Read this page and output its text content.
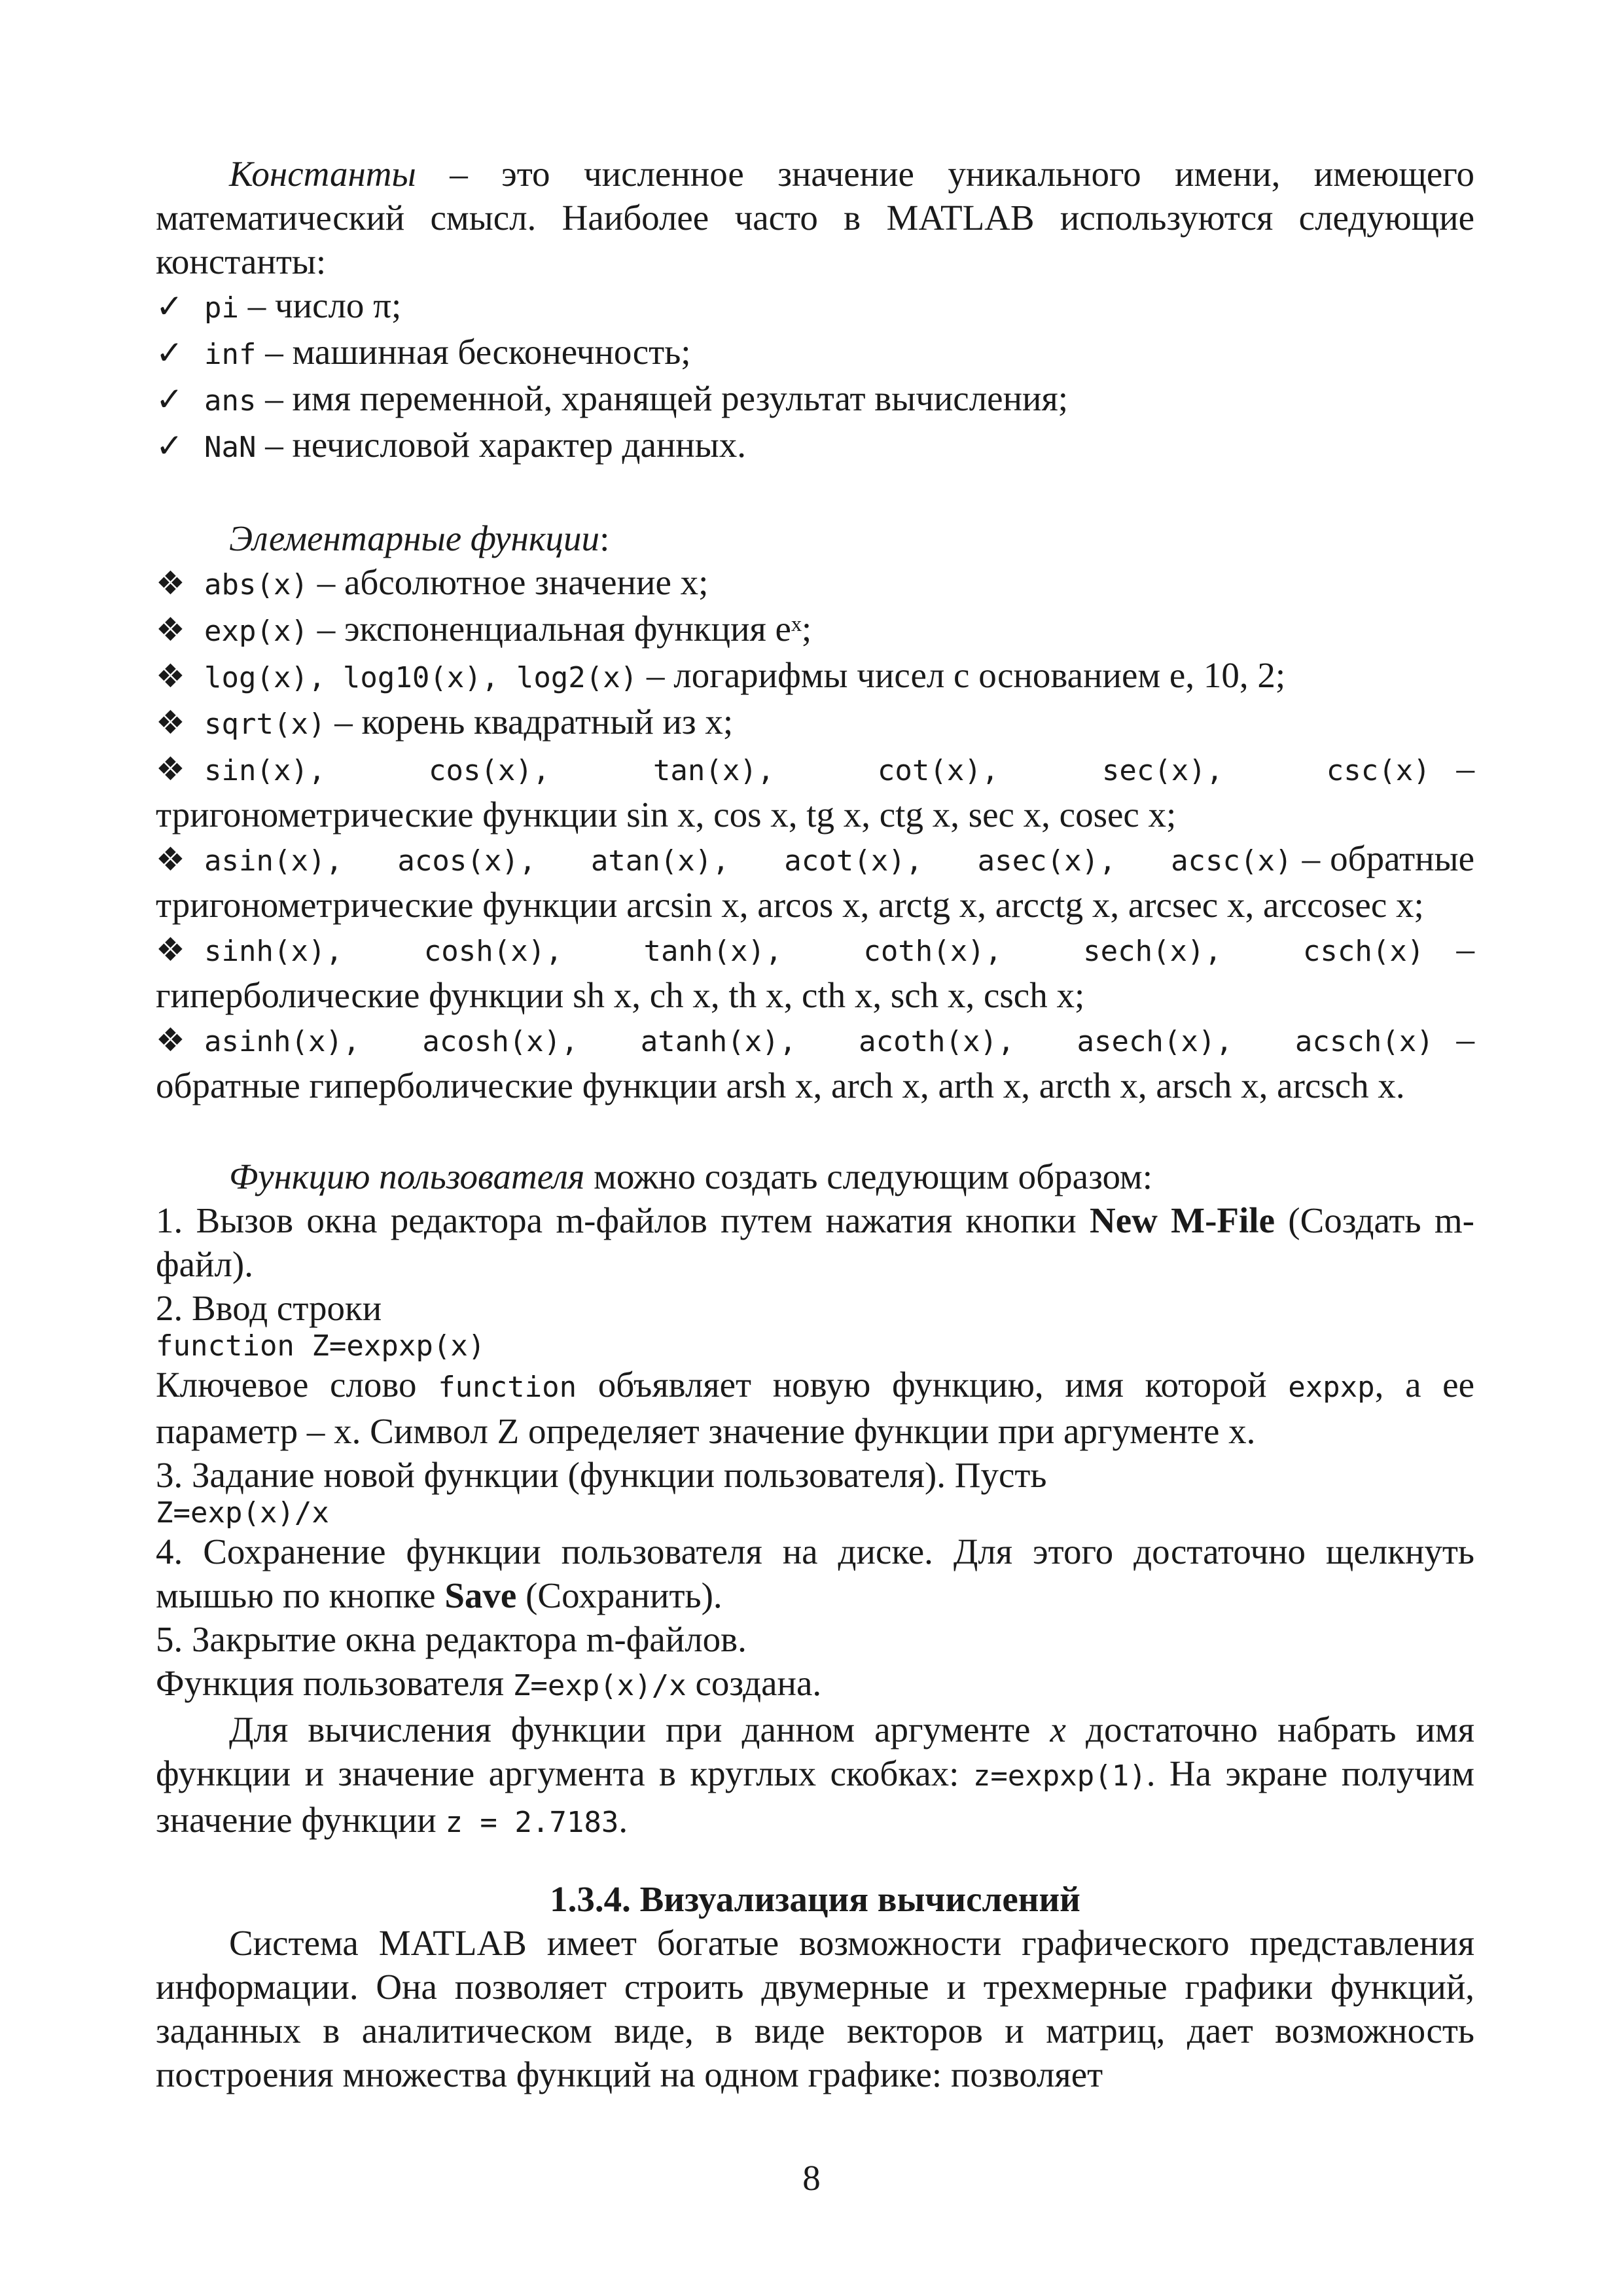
Константы – это численное значение уникального имени, имеющего математический смысл. Наиболее часто в MATLAB используются следующие константы:

✓ pi – число π;
✓ inf – машинная бесконечность;
✓ ans – имя переменной, хранящей результат вычисления;
✓ NaN – нечисловой характер данных.

Элементарные функции:

❖ abs(x) – абсолютное значение x;
❖ exp(x) – экспоненциальная функция eˣ;
❖ log(x), log10(x), log2(x) – логарифмы чисел с основанием e, 10, 2;
❖ sqrt(x) – корень квадратный из x;
❖ sin(x),   cos(x),   tan(x),   cot(x),   sec(x),   csc(x) – тригонометрические функции sin x, cos x, tg x, ctg x, sec x, cosec x;
❖ asin(x),   acos(x),   atan(x),   acot(x),   asec(x),   acsc(x) – обратные тригонометрические функции arcsin x, arcos x, arctg x, arcctg x, arcsec x, arccosec x;
❖ sinh(x),  cosh(x),  tanh(x),  coth(x),  sech(x),  csch(x) – гиперболические функции sh x, ch x, th x, cth x, sch x, csch x;
❖ asinh(x),  acosh(x),  atanh(x),  acoth(x),  asech(x),  acsch(x) – обратные гиперболические функции arsh x, arch x, arth x, arcth x, arsch x, arcsch x.

Функцию пользователя можно создать следующим образом:

1. Вызов окна редактора m-файлов путем нажатия кнопки New M-File (Создать m-файл).

2. Ввод строки

function Z=expxp(x)

Ключевое слово function объявляет новую функцию, имя которой expxp, а ее параметр – x. Символ Z определяет значение функции при аргументе x.

3. Задание новой функции (функции пользователя). Пусть

Z=exp(x)/x

4. Сохранение функции пользователя на диске. Для этого достаточно щелкнуть мышью по кнопке Save (Сохранить).

5. Закрытие окна редактора m-файлов.

Функция пользователя Z=exp(x)/x создана.

Для вычисления функции при данном аргументе x достаточно набрать имя функции и значение аргумента в круглых скобках: z=expxp(1). На экране получим значение функции z = 2.7183.

1.3.4. Визуализация вычислений

Система MATLAB имеет богатые возможности графического представления информации. Она позволяет строить двумерные и трехмерные графики функций, заданных в аналитическом виде, в виде векторов и матриц, дает возможность построения множества функций на одном графике: позволяет

8
